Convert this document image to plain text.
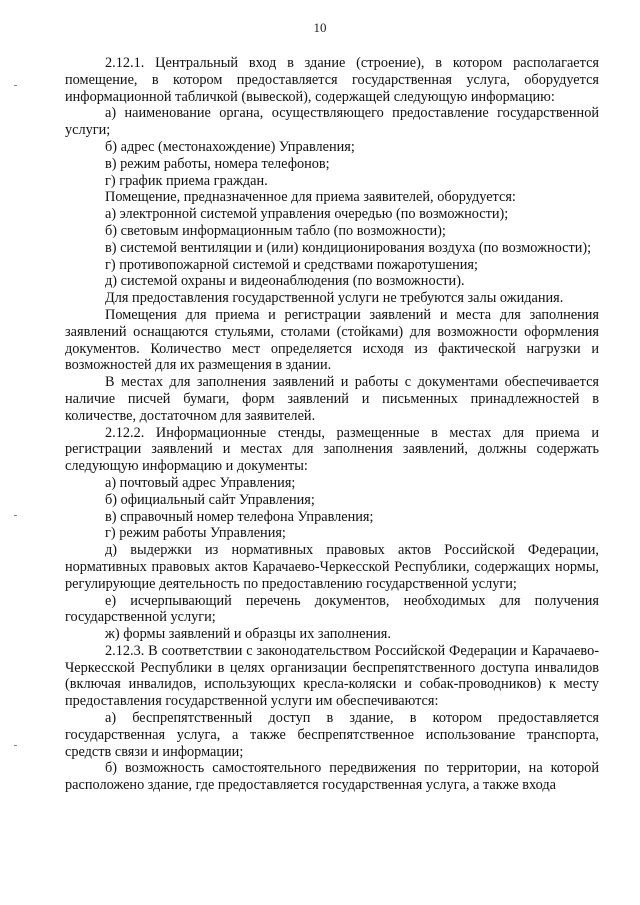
10

2.12.1. Центральный вход в здание (строение), в котором располагается помещение, в котором предоставляется государственная услуга, оборудуется информационной табличкой (вывеской), содержащей следующую информацию:

а) наименование органа, осуществляющего предоставление государственной услуги;

б) адрес (местонахождение) Управления;

в) режим работы, номера телефонов;

г) график приема граждан.

Помещение, предназначенное для приема заявителей, оборудуется:

а) электронной системой управления очередью (по возможности);

б) световым информационным табло (по возможности);

в) системой вентиляции и (или) кондиционирования воздуха (по возможности);

г) противопожарной системой и средствами пожаротушения;

д) системой охраны и видеонаблюдения (по возможности).

Для предоставления государственной услуги не требуются залы ожидания.

Помещения для приема и регистрации заявлений и места для заполнения заявлений оснащаются стульями, столами (стойками) для возможности оформления документов. Количество мест определяется исходя из фактической нагрузки и возможностей для их размещения в здании.

В местах для заполнения заявлений и работы с документами обеспечивается наличие писчей бумаги, форм заявлений и письменных принадлежностей в количестве, достаточном для заявителей.

2.12.2. Информационные стенды, размещенные в местах для приема и регистрации заявлений и местах для заполнения заявлений, должны содержать следующую информацию и документы:

а) почтовый адрес Управления;

б) официальный сайт Управления;

в) справочный номер телефона Управления;

г) режим работы Управления;

д) выдержки из нормативных правовых актов Российской Федерации, нормативных правовых актов Карачаево-Черкесской Республики, содержащих нормы, регулирующие деятельность по предоставлению государственной услуги;

е) исчерпывающий перечень документов, необходимых для получения государственной услуги;

ж) формы заявлений и образцы их заполнения.

2.12.3. В соответствии с законодательством Российской Федерации и Карачаево-Черкесской Республики в целях организации беспрепятственного доступа инвалидов (включая инвалидов, использующих кресла-коляски и собак-проводников) к месту предоставления государственной услуги им обеспечиваются:

а) беспрепятственный доступ в здание, в котором предоставляется государственная услуга, а также беспрепятственное использование транспорта, средств связи и информации;

б) возможность самостоятельного передвижения по территории, на которой расположено здание, где предоставляется государственная услуга, а также входа
